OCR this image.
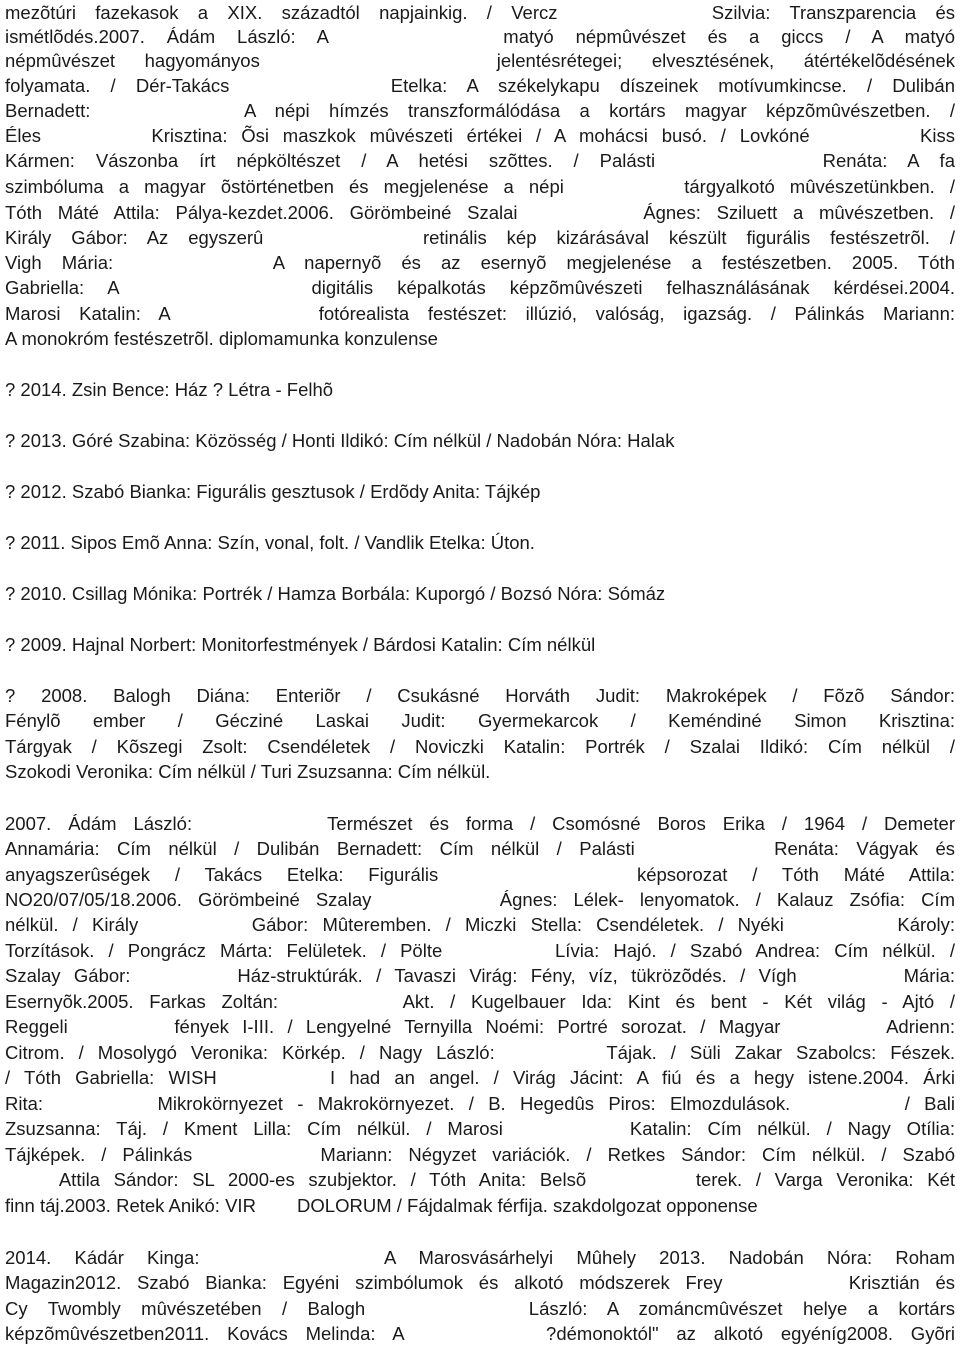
mezõtúri fazekasok a XIX. századtól napjainkig. / Vercz        Szilvia: Transzparencia és
ismétlõdés.2007. Ádám László: A        matyó népmûvészet és a giccs / A matyó
népmûvészet hagyományos        jelentésrétegei; elvesztésének, átértékelõdésének
folyamata. / Dér-Takács        Etelka: A székelykapu díszeinek motívumkincse. / Dulibán
Bernadett:        A népi hímzés transzformálódása a kortárs magyar képzõmûvészetben. /
Éles        Krisztina: Õsi maszkok mûvészeti értékei / A mohácsi busó. / Lovkóné        Kiss
Kármen: Vászonba írt népköltészet / A hetési szõttes. / Palásti        Renáta: A fa
szimbóluma a magyar õstörténetben és megjelenése a népi        tárgyalkotó mûvészetünkben. /
Tóth Máté Attila: Pálya-kezdet.2006. Görömbeiné Szalai        Ágnes: Sziluett a mûvészetben. /
Király Gábor: Az egyszerû        retinális kép kizárásával készült figurális festészetrõl. /
Vigh Mária:        A napernyõ és az esernyõ megjelenése a festészetben. 2005. Tóth
Gabriella: A        digitális képalkotás képzõmûvészeti felhasználásának kérdései.2004.
Marosi Katalin: A        fotórealista festészet: illúzió, valóság, igazság. / Pálinkás Mariann:
A monokróm festészetrõl. diplomamunka konzulense
? 2014. Zsin Bence: Ház ? Létra - Felhõ
? 2013. Góré Szabina: Közösség / Honti Ildikó: Cím nélkül / Nadobán Nóra: Halak
? 2012. Szabó Bianka: Figurális gesztusok / Erdõdy Anita: Tájkép
? 2011. Sipos Emõ Anna: Szín, vonal, folt. / Vandlik Etelka: Úton.
? 2010. Csillag Mónika: Portrék / Hamza Borbála: Kuporgó / Bozsó Nóra: Sómáz
? 2009. Hajnal Norbert: Monitorfestmények / Bárdosi Katalin: Cím nélkül
? 2008. Balogh Diána: Enteriõr / Csukásné Horváth Judit: Makroképek / Fõzõ Sándor:
Fénylõ ember / Gécziné Laskai Judit: Gyermekarcok / Keméndiné Simon Krisztina:
Tárgyak / Kõszegi Zsolt: Csendéletek / Noviczki Katalin: Portrék / Szalai Ildikó: Cím nélkül /
Szokodi Veronika: Cím nélkül / Turi Zsuzsanna: Cím nélkül.
2007. Ádám László:        Természet és forma / Csomósné Boros Erika / 1964 / Demeter
Annamária: Cím nélkül / Dulibán Bernadett: Cím nélkül / Palásti        Renáta: Vágyak és
anyagszerûségek / Takács Etelka: Figurális        képsorozat / Tóth Máté Attila:
NO20/07/05/18.2006. Görömbeiné Szalay        Ágnes: Lélek- lenyomatok. / Kalauz Zsófia: Cím
nélkül. / Király        Gábor: Mûteremben. / Miczki Stella: Csendéletek. / Nyéki        Károly:
Torzítások. / Pongrácz Márta: Felületek. / Pölte        Lívia: Hajó. / Szabó Andrea: Cím nélkül. /
Szalay Gábor:        Ház-struktúrák. / Tavaszi Virág: Fény, víz, tükrözõdés. / Vígh        Mária:
Esernyõk.2005. Farkas Zoltán:        Akt. / Kugelbauer Ida: Kint és bent - Két világ - Ajtó /
Reggeli        fények I-III. / Lengyelné Ternyilla Noémi: Portré sorozat. / Magyar        Adrienn:
Citrom. / Mosolygó Veronika: Körkép. / Nagy László:        Tájak. / Süli Zakar Szabolcs: Fészek.
/ Tóth Gabriella: WISH        I had an angel. / Virág Jácint: A fiú és a hegy istene.2004. Árki
Rita:        Mikrokörnyezet - Makrokörnyezet. / B. Hegedûs Piros: Elmozdulások.        / Bali
Zsuzsanna: Táj. / Kment Lilla: Cím nélkül. / Marosi        Katalin: Cím nélkül. / Nagy Otília:
Tájképek. / Pálinkás        Mariann: Négyzet variációk. / Retkes Sándor: Cím nélkül. / Szabó
Attila Sándor: SL 2000-es szubjektor. / Tóth Anita: Belsõ        terek. / Varga Veronika: Két
finn táj.2003. Retek Anikó: VIR        DOLORUM / Fájdalmak férfija. szakdolgozat opponense
2014. Kádár Kinga:        A Marosvásárhelyi Mûhely 2013. Nadobán Nóra: Roham
Magazin2012. Szabó Bianka: Egyéni szimbólumok és alkotó módszerek Frey        Krisztián és
Cy Twombly mûvészetében / Balogh        László: A zománcmûvészet helye a kortárs
képzõmûvészetben2011. Kovács Melinda: A        ?démonoktól" az alkotó egyéníg2008. Gyõri
